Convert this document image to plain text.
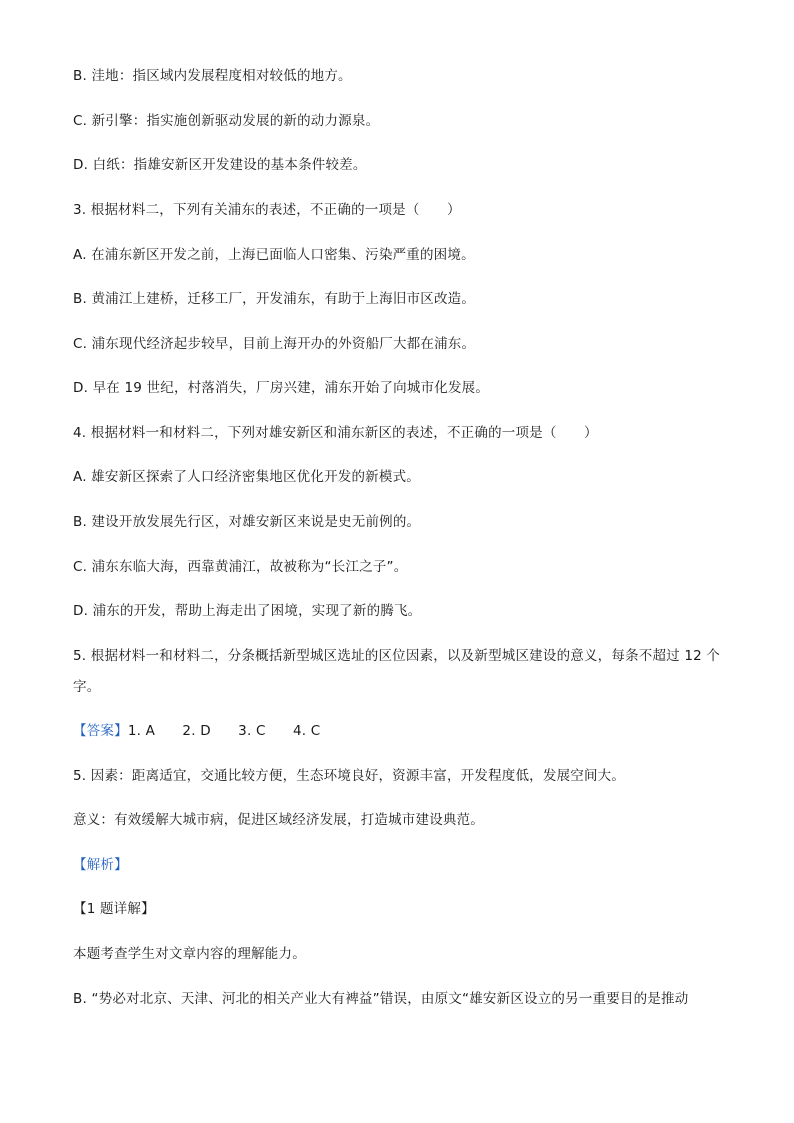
B. 洼地：指区域内发展程度相对较低的地方。
C. 新引擎：指实施创新驱动发展的新的动力源泉。
D. 白纸：指雄安新区开发建设的基本条件较差。
3. 根据材料二，下列有关浦东的表述，不正确的一项是（　　）
A. 在浦东新区开发之前，上海已面临人口密集、污染严重的困境。
B. 黄浦江上建桥，迁移工厂，开发浦东，有助于上海旧市区改造。
C. 浦东现代经济起步较早，目前上海开办的外资船厂大都在浦东。
D. 早在 19 世纪，村落消失，厂房兴建，浦东开始了向城市化发展。
4. 根据材料一和材料二，下列对雄安新区和浦东新区的表述，不正确的一项是（　　）
A. 雄安新区探索了人口经济密集地区优化开发的新模式。
B. 建设开放发展先行区，对雄安新区来说是史无前例的。
C. 浦东东临大海，西靠黄浦江，故被称为“长江之子”。
D. 浦东的开发，帮助上海走出了困境，实现了新的腾飞。
5. 根据材料一和材料二，分条概括新型城区选址的区位因素，以及新型城区建设的意义，每条不超过 12 个
字。
【答案】1. A　　2. D　　3. C　　4. C
5. 因素：距离适宜，交通比较方便，生态环境良好，资源丰富，开发程度低，发展空间大。
意义：有效缓解大城市病，促进区域经济发展，打造城市建设典范。
【解析】
【1 题详解】
本题考查学生对文章内容的理解能力。
B. “势必对北京、天津、河北的相关产业大有裨益”错误，由原文“雄安新区设立的另一重要目的是推动
